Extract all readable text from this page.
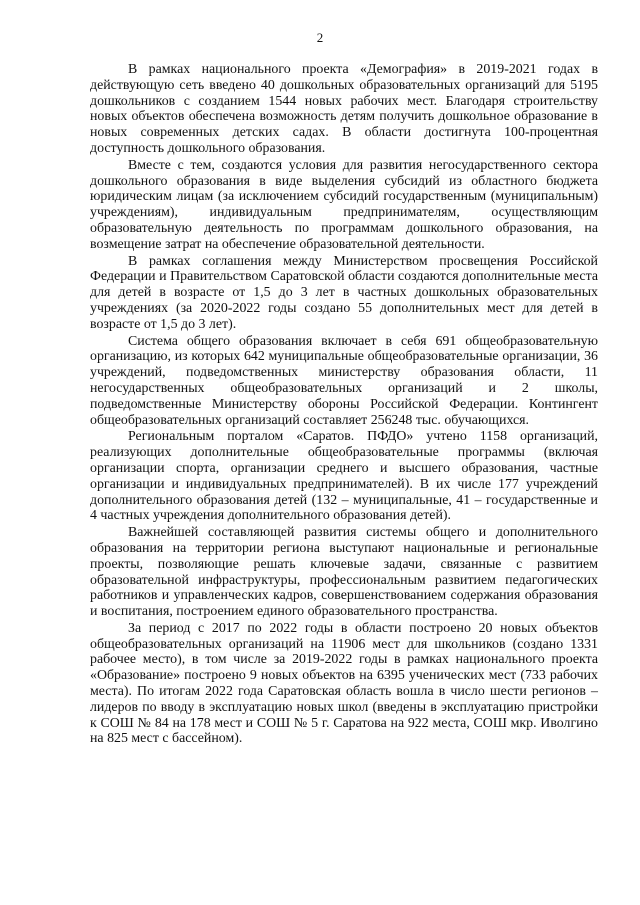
2

В рамках национального проекта «Демография» в 2019-2021 годах в действующую сеть введено 40 дошкольных образовательных организаций для 5195 дошкольников с созданием 1544 новых рабочих мест. Благодаря строительству новых объектов обеспечена возможность детям получить дошкольное образование в новых современных детских садах. В области достигнута 100-процентная доступность дошкольного образования.

Вместе с тем, создаются условия для развития негосударственного сектора дошкольного образования в виде выделения субсидий из областного бюджета юридическим лицам (за исключением субсидий государственным (муниципальным) учреждениям), индивидуальным предпринимателям, осуществляющим образовательную деятельность по программам дошкольного образования, на возмещение затрат на обеспечение образовательной деятельности.

В рамках соглашения между Министерством просвещения Российской Федерации и Правительством Саратовской области создаются дополнительные места для детей в возрасте от 1,5 до 3 лет в частных дошкольных образовательных учреждениях (за 2020-2022 годы создано 55 дополнительных мест для детей в возрасте от 1,5 до 3 лет).

Система общего образования включает в себя 691 общеобразовательную организацию, из которых 642 муниципальные общеобразовательные организации, 36 учреждений, подведомственных министерству образования области, 11 негосударственных общеобразовательных организаций и 2 школы, подведомственные Министерству обороны Российской Федерации. Контингент общеобразовательных организаций составляет 256248 тыс. обучающихся.

Региональным порталом «Саратов. ПФДО» учтено 1158 организаций, реализующих дополнительные общеобразовательные программы (включая организации спорта, организации среднего и высшего образования, частные организации и индивидуальных предпринимателей). В их числе 177 учреждений дополнительного образования детей (132 – муниципальные, 41 – государственные и 4 частных учреждения дополнительного образования детей).

Важнейшей составляющей развития системы общего и дополнительного образования на территории региона выступают национальные и региональные проекты, позволяющие решать ключевые задачи, связанные с развитием образовательной инфраструктуры, профессиональным развитием педагогических работников и управленческих кадров, совершенствованием содержания образования и воспитания, построением единого образовательного пространства.

За период с 2017 по 2022 годы в области построено 20 новых объектов общеобразовательных организаций на 11906 мест для школьников (создано 1331 рабочее место), в том числе за 2019-2022 годы в рамках национального проекта «Образование» построено 9 новых объектов на 6395 ученических мест (733 рабочих места). По итогам 2022 года Саратовская область вошла в число шести регионов – лидеров по вводу в эксплуатацию новых школ (введены в эксплуатацию пристройки к СОШ № 84 на 178 мест и СОШ № 5 г. Саратова на 922 места, СОШ мкр. Иволгино на 825 мест с бассейном).
